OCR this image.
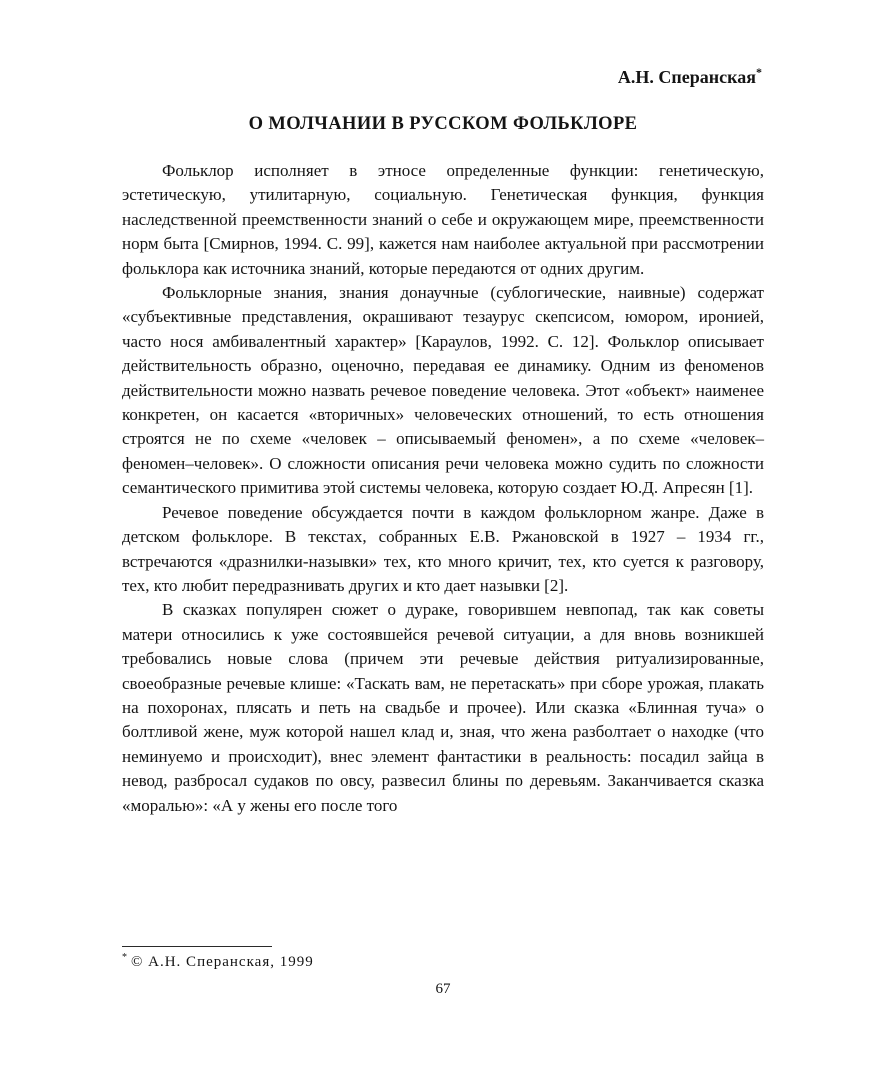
А.Н. Сперанская*
О МОЛЧАНИИ В РУССКОМ ФОЛЬКЛОРЕ

Фольклор исполняет в этносе определенные функции: генетическую, эстетическую, утилитарную, социальную. Генетическая функция, функция наследственной преемственности знаний о себе и окружающем мире, преемственности норм быта [Смирнов, 1994. С. 99], кажется нам наиболее актуальной при рассмотрении фольклора как источника знаний, которые передаются от одних другим.

Фольклорные знания, знания донаучные (сублогические, наивные) содержат «субъективные представления, окрашивают тезаурус скепсисом, юмором, иронией, часто нося амбивалентный характер» [Караулов, 1992. С. 12]. Фольклор описывает действительность образно, оценочно, передавая ее динамику. Одним из феноменов действительности можно назвать речевое поведение человека. Этот «объект» наименее конкретен, он касается «вторичных» человеческих отношений, то есть отношения строятся не по схеме «человек – описываемый феномен», а по схеме «человек–феномен–человек». О сложности описания речи человека можно судить по сложности семантического примитива этой системы человека, которую создает Ю.Д. Апресян [1].

Речевое поведение обсуждается почти в каждом фольклорном жанре. Даже в детском фольклоре. В текстах, собранных Е.В. Ржановской в 1927 – 1934 гг., встречаются «дразнилки-назывки» тех, кто много кричит, тех, кто суется к разговору, тех, кто любит передразнивать других и кто дает назывки [2].

В сказках популярен сюжет о дураке, говорившем невпопад, так как советы матери относились к уже состоявшейся речевой ситуации, а для вновь возникшей требовались новые слова (причем эти речевые действия ритуализированные, своеобразные речевые клише: «Таскать вам, не перетаскать» при сборе урожая, плакать на похоронах, плясать и петь на свадьбе и прочее). Или сказка «Блинная туча» о болтливой жене, муж которой нашел клад и, зная, что жена разболтает о находке (что неминуемо и происходит), внес элемент фантастики в реальность: посадил зайца в невод, разбросал судаков по овсу, развесил блины по деревьям. Заканчивается сказка «моралью»: «А у жены его после того

* © А.Н. Сперанская, 1999
67
